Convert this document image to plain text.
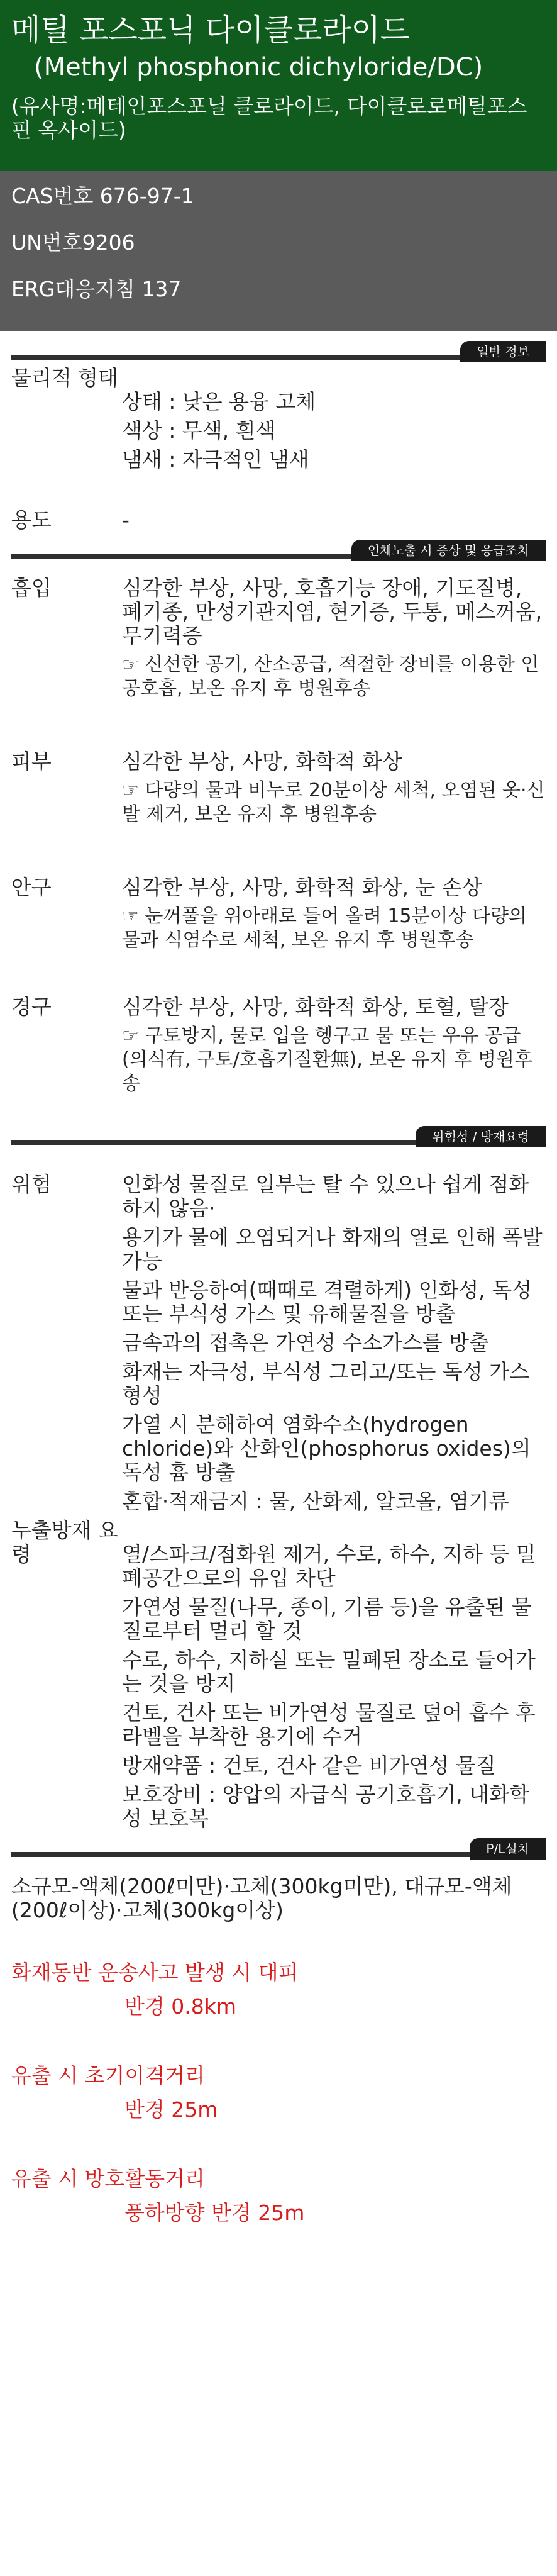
메틸 포스포닉 다이클로라이드
(Methyl phosphonic dichyloride/DC)
(유사명:메테인포스포닐 클로라이드, 다이클로로메틸포스핀 옥사이드)
CAS번호 676-97-1
UN번호9206
ERG대응지침 137
일반 정보
물리적 형태

상태 : 낮은 용융 고체

색상 : 무색, 흰색

냄새 : 자극적인 냄새

용도	-
인체노출 시 증상 및 응급조치
흡입	심각한 부상, 사망, 호흡기능 장애, 기도질병, 폐기종, 만성기관지염, 현기증, 두통, 메스꺼움, 무기력증

☞ 신선한 공기, 산소공급, 적절한 장비를 이용한 인공호흡, 보온 유지 후 병원후송

피부	심각한 부상, 사망, 화학적 화상

☞ 다량의 물과 비누로 20분이상 세척, 오염된 옷·신발 제거, 보온 유지 후 병원후송

안구	심각한 부상, 사망, 화학적 화상, 눈 손상

☞ 눈꺼풀을 위아래로 들어 올려 15분이상 다량의 물과 식염수로 세척, 보온 유지 후 병원후송

경구	심각한 부상, 사망, 화학적 화상, 토혈, 탈장

☞ 구토방지, 물로 입을 헹구고 물 또는 우유 공급(의식有, 구토/호흡기질환無), 보온 유지 후 병원후송

위험성 / 방재요령
위험	인화성 물질로 일부는 탈 수 있으나 쉽게 점화하지 않음·

용기가 물에 오염되거나 화재의 열로 인해 폭발 가능

물과 반응하여(때때로 격렬하게) 인화성, 독성 또는 부식성 가스 및 유해물질을 방출

금속과의 접촉은 가연성 수소가스를 방출

화재는 자극성, 부식성 그리고/또는 독성 가스 형성

가열 시 분해하여 염화수소(hydrogen chloride)와 산화인(phosphorus oxides)의 독성 흄 방출

혼합·적재금지 : 물, 산화제, 알코올, 염기류

누출방재 요령	열/스파크/점화원 제거, 수로, 하수, 지하 등 밀폐공간으로의 유입 차단

가연성 물질(나무, 종이, 기름 등)을 유출된 물질로부터 멀리 할 것

수로, 하수, 지하실 또는 밀폐된 장소로 들어가는 것을 방지

건토, 건사 또는 비가연성 물질로 덮어 흡수 후 라벨을 부착한 용기에 수거

방재약품 : 건토, 건사 같은 비가연성 물질

보호장비 : 양압의 자급식 공기호흡기, 내화학성 보호복

P/L설치
소규모-액체(200ℓ미만)·고체(300kg미만), 대규모-액체(200ℓ이상)·고체(300kg이상)
화재동반 운송사고 발생 시 대피
반경 0.8km
유출 시 초기이격거리
반경 25m
유출 시 방호활동거리
풍하방향 반경 25m
